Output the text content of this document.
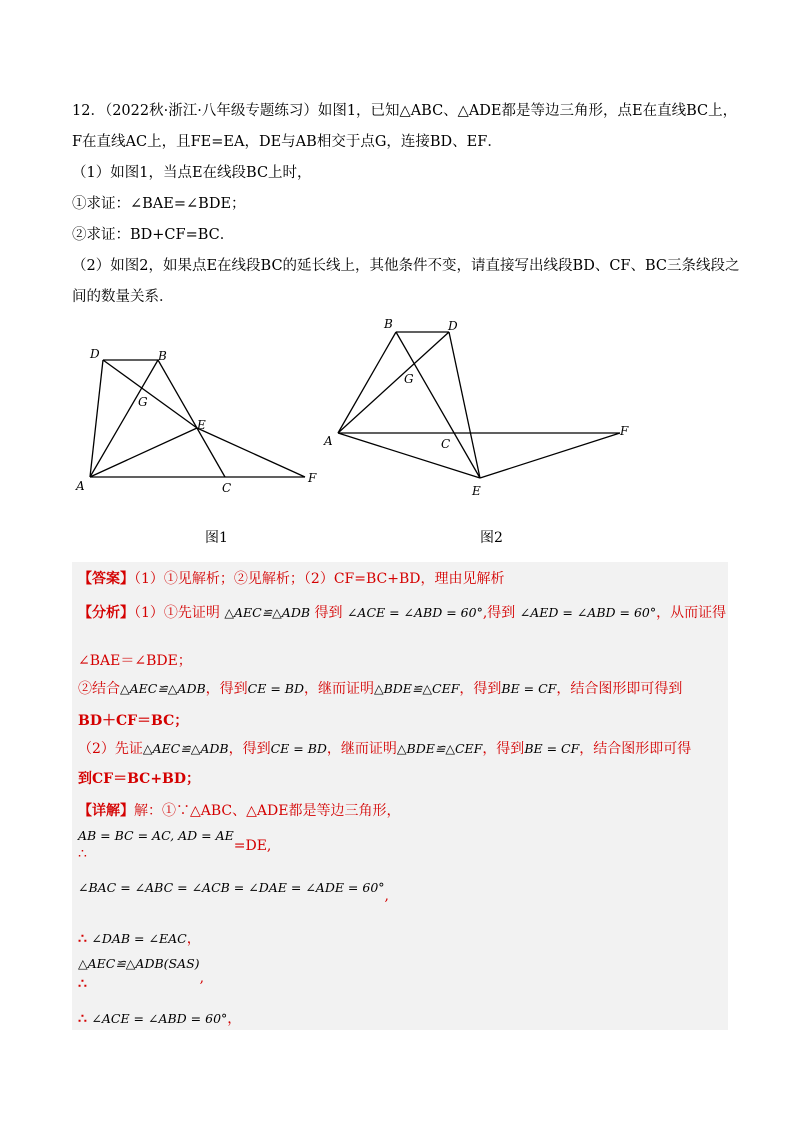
12．（2022秋·浙江·八年级专题练习）如图1，已知△ABC、△ADE都是等边三角形，点E在直线BC上，

F在直线AC上，且FE=EA，DE与AB相交于点G，连接BD、EF．

（1）如图1，当点E在线段BC上时，

①求证：∠BAE=∠BDE；

②求证：BD+CF=BC．

（2）如图2，如果点E在线段BC的延长线上，其他条件不变，请直接写出线段BD、CF、BC三条线段之

间的数量关系．

D	B
G
E
A	C
F
图1
B	D
G
A	C
F
E
图2
【答案】（1）①见解析；②见解析；（2）CF=BC+BD，理由见解析
【分析】（1）①先证明 △AEC≌△ADB 得到 ∠ACE = ∠ABD = 60°,得到 ∠AED = ∠ABD = 60°，从而证得
∠BAE＝∠BDE；
②结合△AEC≌△ADB，得到CE = BD，继而证明△BDE≌△CEF，得到BE = CF，结合图形即可得到
BD＋CF＝BC；
（2）先证△AEC≌△ADB，得到CE = BD，继而证明△BDE≌△CEF，得到BE = CF，结合图形即可得
到CF＝BC+BD；
【详解】解：①∵△ABC、△ADE都是等边三角形，
AB = BC = AC, AD = AE=DE,
∴
∠BAC = ∠ABC = ∠ACB = ∠DAE = ∠ADE = 60°,
∴ ∠DAB = ∠EAC，
△AEC≌△ADB(SAS),
∴
∴ ∠ACE = ∠ABD = 60°，
